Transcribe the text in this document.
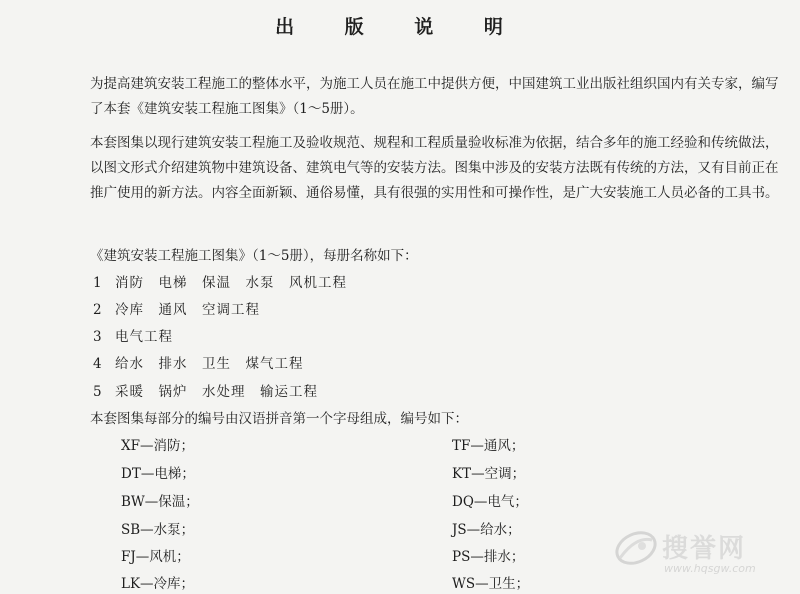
出 版 说 明

为提高建筑安装工程施工的整体水平，为施工人员在施工中提供方便，中国建筑工业出版社组织国内有关专家，编写了本套《建筑安装工程施工图集》（1～5册）。

本套图集以现行建筑安装工程施工及验收规范、规程和工程质量验收标准为依据，结合多年的施工经验和传统做法，以图文形式介绍建筑物中建筑设备、建筑电气等的安装方法。图集中涉及的安装方法既有传统的方法，又有目前正在推广使用的新方法。内容全面新颖、通俗易懂，具有很强的实用性和可操作性，是广大安装施工人员必备的工具书。

《建筑安装工程施工图集》（1～5册），每册名称如下：
1 消防　电梯　保温　水泵　风机工程
2 冷库　通风　空调工程
3 电气工程
4 给水　排水　卫生　煤气工程
5 采暖　锅炉　水处理　输运工程
本套图集每部分的编号由汉语拼音第一个字母组成，编号如下：
XF—消防；
DT—电梯；
BW—保温；
SB—水泵；
FJ—风机；
LK—冷库；
TF—通风；
KT—空调；
DQ—电气；
JS—给水；
PS—排水；
WS—卫生；
搜誉网
www.hqsgw.com
